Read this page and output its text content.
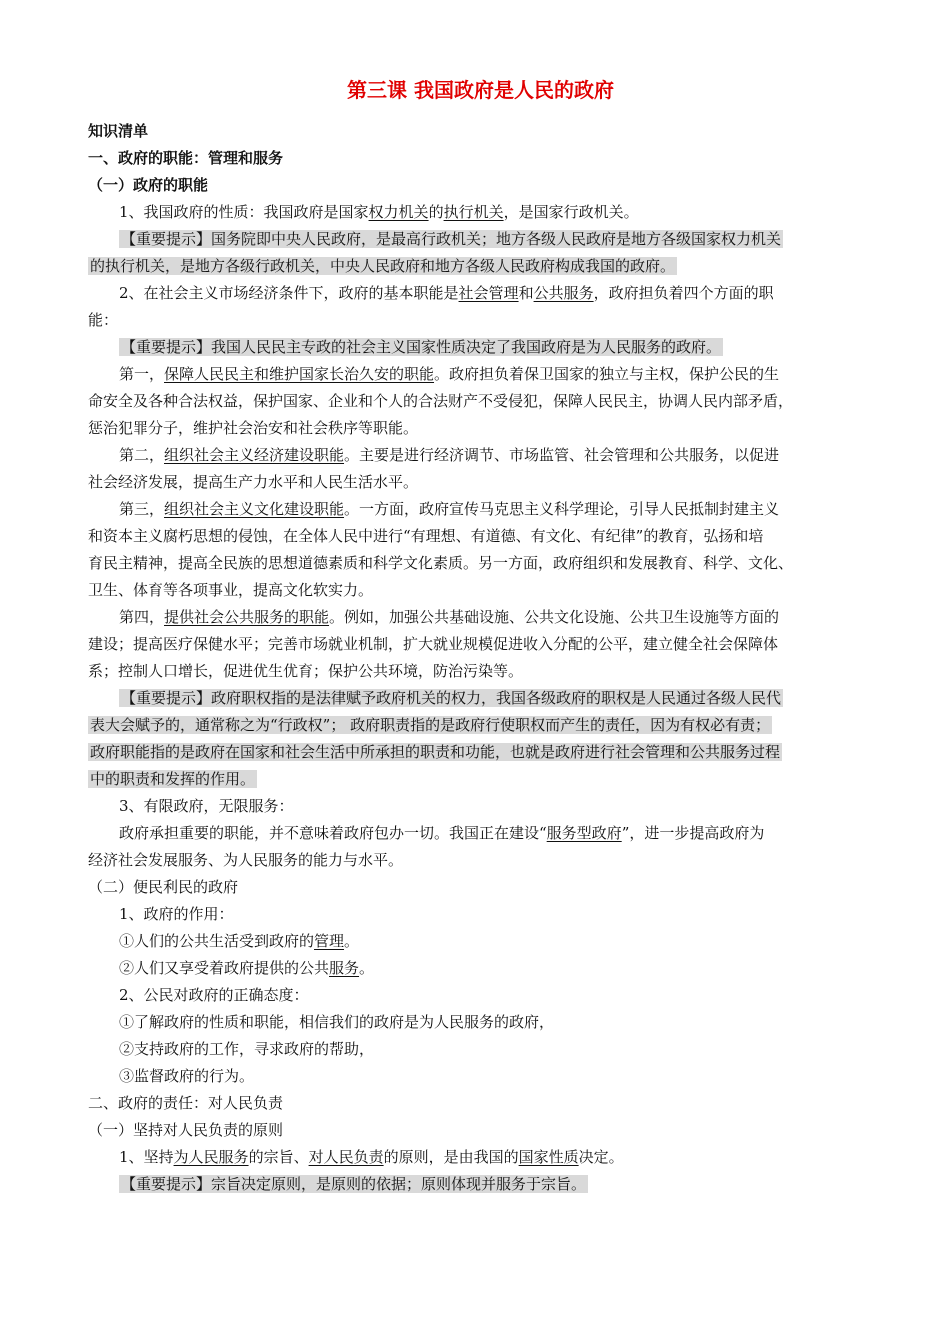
第三课 我国政府是人民的政府

知识清单

一、政府的职能：管理和服务

（一）政府的职能

1、我国政府的性质：我国政府是国家权力机关的执行机关，是国家行政机关。

【重要提示】国务院即中央人民政府，是最高行政机关；地方各级人民政府是地方各级国家权力机关

的执行机关，是地方各级行政机关，中央人民政府和地方各级人民政府构成我国的政府。

2、在社会主义市场经济条件下，政府的基本职能是社会管理和公共服务，政府担负着四个方面的职

能：

【重要提示】我国人民民主专政的社会主义国家性质决定了我国政府是为人民服务的政府。

第一，保障人民民主和维护国家长治久安的职能。政府担负着保卫国家的独立与主权，保护公民的生

命安全及各种合法权益，保护国家、企业和个人的合法财产不受侵犯，保障人民民主，协调人民内部矛盾，

惩治犯罪分子，维护社会治安和社会秩序等职能。

第二，组织社会主义经济建设职能。主要是进行经济调节、市场监管、社会管理和公共服务，以促进

社会经济发展，提高生产力水平和人民生活水平。

第三，组织社会主义文化建设职能。一方面，政府宣传马克思主义科学理论，引导人民抵制封建主义

和资本主义腐朽思想的侵蚀，在全体人民中进行“有理想、有道德、有文化、有纪律”的教育，弘扬和培

育民主精神，提高全民族的思想道德素质和科学文化素质。另一方面，政府组织和发展教育、科学、文化、

卫生、体育等各项事业，提高文化软实力。

第四，提供社会公共服务的职能。例如，加强公共基础设施、公共文化设施、公共卫生设施等方面的

建设；提高医疗保健水平；完善市场就业机制，扩大就业规模促进收入分配的公平，建立健全社会保障体

系；控制人口增长，促进优生优育；保护公共环境，防治污染等。

【重要提示】政府职权指的是法律赋予政府机关的权力，我国各级政府的职权是人民通过各级人民代

表大会赋予的，通常称之为“行政权”； 政府职责指的是政府行使职权而产生的责任，因为有权必有责；

政府职能指的是政府在国家和社会生活中所承担的职责和功能，也就是政府进行社会管理和公共服务过程

中的职责和发挥的作用。

3、有限政府，无限服务：

政府承担重要的职能，并不意味着政府包办一切。我国正在建设“服务型政府”，进一步提高政府为

经济社会发展服务、为人民服务的能力与水平。

（二）便民利民的政府

1、政府的作用：

①人们的公共生活受到政府的管理。

②人们又享受着政府提供的公共服务。

2、公民对政府的正确态度：

①了解政府的性质和职能，相信我们的政府是为人民服务的政府，

②支持政府的工作，寻求政府的帮助，

③监督政府的行为。

二、政府的责任：对人民负责

（一）坚持对人民负责的原则

1、坚持为人民服务的宗旨、对人民负责的原则，是由我国的国家性质决定。

【重要提示】宗旨决定原则，是原则的依据；原则体现并服务于宗旨。
